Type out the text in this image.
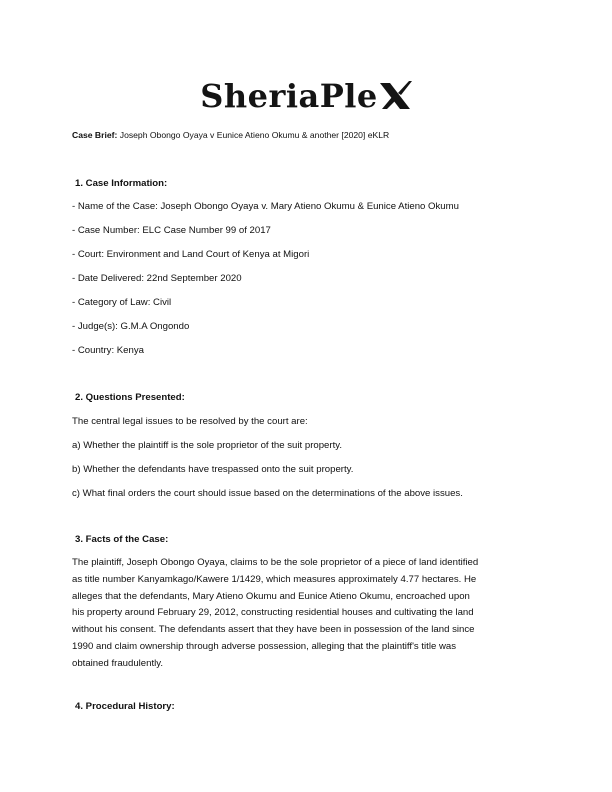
SheriaPle
Case Brief: Joseph Obongo Oyaya v Eunice Atieno Okumu & another [2020] eKLR
1. Case Information:
- Name of the Case: Joseph Obongo Oyaya v. Mary Atieno Okumu & Eunice Atieno Okumu
- Case Number: ELC Case Number 99 of 2017
- Court: Environment and Land Court of Kenya at Migori
- Date Delivered: 22nd September 2020
- Category of Law: Civil
- Judge(s): G.M.A Ongondo
- Country: Kenya
2. Questions Presented:
The central legal issues to be resolved by the court are:
a) Whether the plaintiff is the sole proprietor of the suit property.
b) Whether the defendants have trespassed onto the suit property.
c) What final orders the court should issue based on the determinations of the above issues.
3. Facts of the Case:
The plaintiff, Joseph Obongo Oyaya, claims to be the sole proprietor of a piece of land identified
as title number Kanyamkago/Kawere 1/1429, which measures approximately 4.77 hectares. He
alleges that the defendants, Mary Atieno Okumu and Eunice Atieno Okumu, encroached upon
his property around February 29, 2012, constructing residential houses and cultivating the land
without his consent. The defendants assert that they have been in possession of the land since
1990 and claim ownership through adverse possession, alleging that the plaintiff's title was
obtained fraudulently.
4. Procedural History:
